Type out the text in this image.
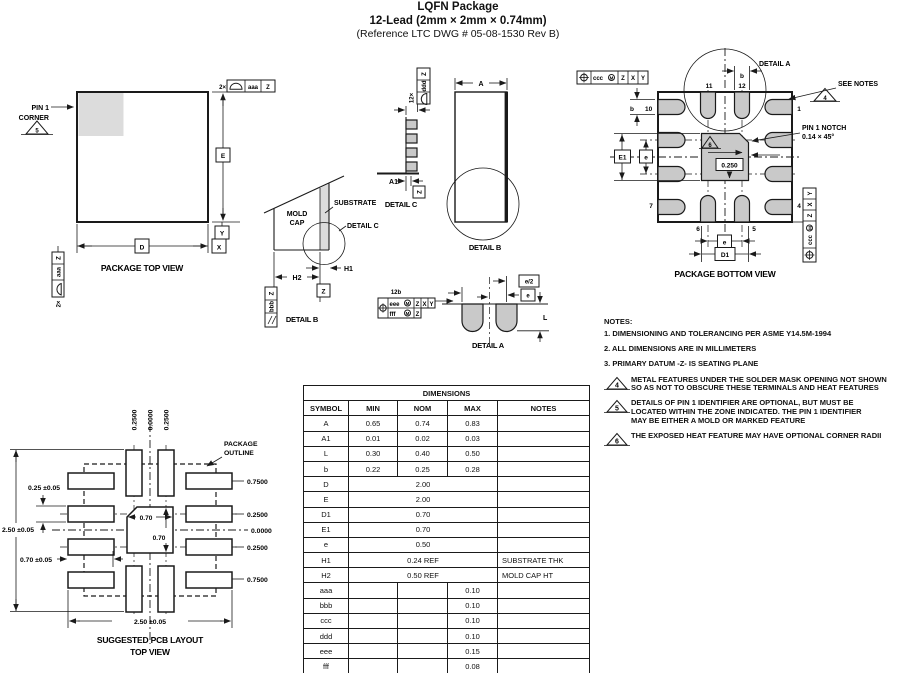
PIN 1
CORNER
5
E
Y
D	X
2×	aaa Z
Z
aaa
2×
PACKAGE TOP VIEW
MOLD
CAP
SUBSTRATE
DETAIL C
H1
H2
Z
Z
bbb
DETAIL B
Z
ddd
12×
A1
Z
DETAIL C
A
DETAIL B
e/2
e
L
12b
eee M Z X Y
fff M Z
DETAIL A
6
0.250
b
b 10
E1	e
e
D1
11	12
1
4
7
6	5
ccc M Z X Y
Y
X
Z
M
ccc
DETAIL A
SEE NOTES
4
PIN 1 NOTCH
0.14 × 45°
PACKAGE BOTTOM VIEW
0.70
0.70
0.2500 0.0000 0.2500
PACKAGE
OUTLINE
0.7500
0.2500
0.0000
0.2500
0.7500
0.25 ±0.05
2.50 ±0.05
0.70 ±0.05
2.50 ±0.05
SUGGESTED PCB LAYOUT
TOP VIEW
LQFN Package
12-Lead (2mm × 2mm × 0.74mm)
(Reference LTC DWG # 05-08-1530 Rev B)
NOTES:
1. DIMENSIONING AND TOLERANCING PER ASME Y14.5M-1994
2. ALL DIMENSIONS ARE IN MILLIMETERS
3. PRIMARY DATUM -Z- IS SEATING PLANE
4
METAL FEATURES UNDER THE SOLDER MASK OPENING NOT SHOWN
SO AS NOT TO OBSCURE THESE TERMINALS AND HEAT FEATURES
5
DETAILS OF PIN 1 IDENTIFIER ARE OPTIONAL, BUT MUST BE
LOCATED WITHIN THE ZONE INDICATED. THE PIN 1 IDENTIFIER
MAY BE EITHER A MOLD OR MARKED FEATURE
6
THE EXPOSED HEAT FEATURE MAY HAVE OPTIONAL CORNER RADII
DIMENSIONS				
SYMBOL	MIN	NOM	MAX	NOTES
A	0.65	0.74	0.83	
A1	0.01	0.02	0.03	
L	0.30	0.40	0.50	
b	0.22	0.25	0.28	
D	2.00			
E	2.00			
D1	0.70			
E1	0.70			
e	0.50			
H1	0.24 REF			SUBSTRATE THK
H2	0.50 REF			MOLD CAP HT
aaa			0.10	
bbb			0.10	
ccc			0.10	
ddd			0.10	
eee			0.15	
fff			0.08	
